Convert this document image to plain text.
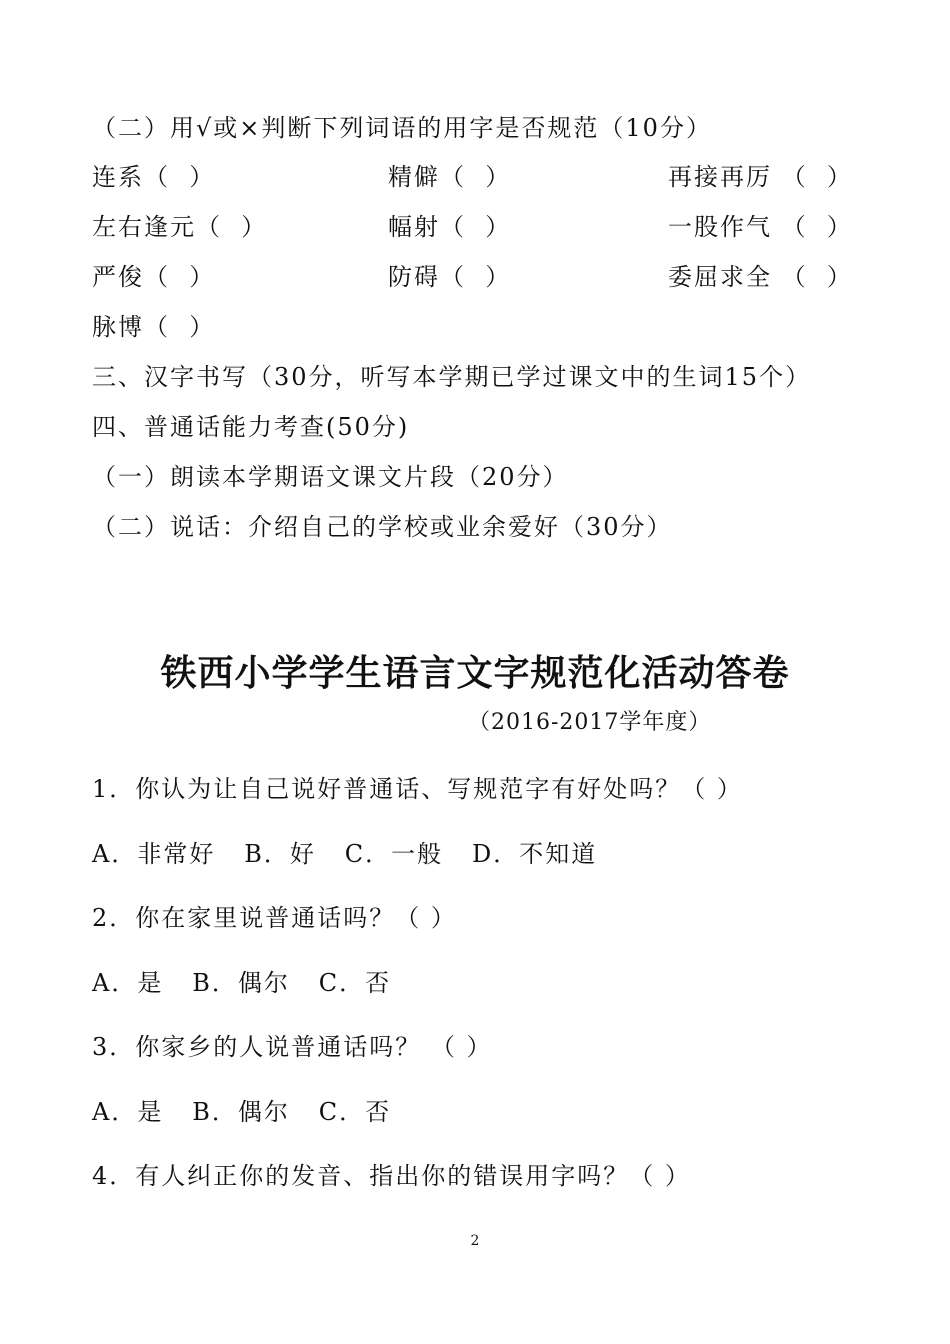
（二）用√或×判断下列词语的用字是否规范（10分）
连系（  ）	精僻（  ）	再接再厉 （  ）
左右逢元（  ）	幅射（  ）	一股作气 （  ）
严俊（  ）	防碍（  ）	委屈求全 （  ）
脉博（  ）
三、汉字书写（30分，听写本学期已学过课文中的生词15个）
四、普通话能力考查(50分)
（一）朗读本学期语文课文片段（20分）
（二）说话：介绍自己的学校或业余爱好（30分）
铁西小学学生语言文字规范化活动答卷
（2016-2017学年度）
1．你认为让自己说好普通话、写规范字有好处吗？（ ）
A．非常好   B．好   C．一般   D．不知道
2．你在家里说普通话吗？（ ）
A．是   B．偶尔   C．否
3．你家乡的人说普通话吗？ （ ）
A．是   B．偶尔   C．否
4．有人纠正你的发音、指出你的错误用字吗？（ ）
2
